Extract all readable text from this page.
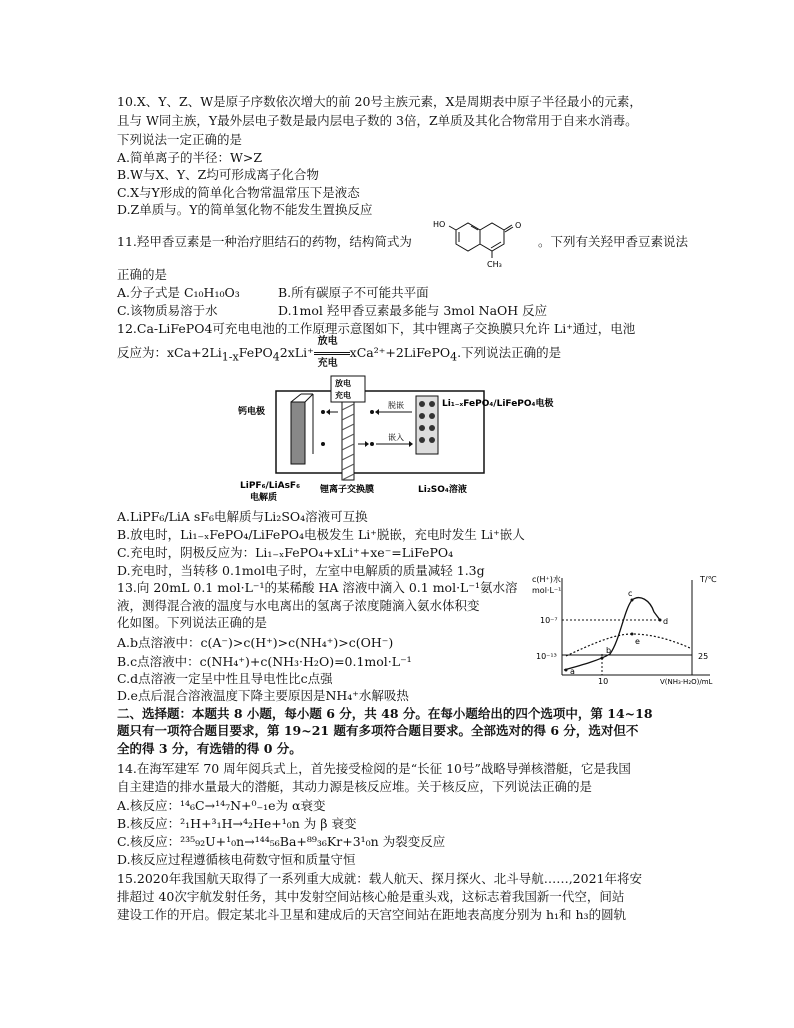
10.X、Y、Z、W是原子序数依次增大的前 20号主族元素，X是周期表中原子半径最小的元素，
且与 W同主族，Y最外层电子数是最内层电子数的 3倍，Z单质及其化合物常用于自来水消毒。
下列说法一定正确的是
A.简单离子的半径：W>Z
B.W与X、Y、Z均可形成离子化合物
C.X与Y形成的简单化合物常温常压下是液态
D.Z单质与。Y的简单氢化物不能发生置换反应
11.羟甲香豆素是一种治疗胆结石的药物，结构简式为
HO	O
CH₃
。下列有关羟甲香豆素说法
正确的是
A.分子式是 C₁₀H₁₀O₃	B.所有碳原子不可能共平面
C.该物质易溶于水	D.1mol 羟甲香豆素最多能与 3mol NaOH 反应
12.Ca-LiFePO4可充电电池的工作原理示意图如下，其中锂离子交换膜只允许 Li⁺通过，电池
反应为：$xCa+2Li_{1-x}FePO_42xLi^+$
放电
充电
xCa²⁺+2LiFePO$_4$.下列说法正确的是
放电
充电
脱嵌
嵌入
钙电极
Li₁₋ₓFePO₄/LiFePO₄电极
LiPF₆/LiAsF₆
电解质
锂离子交换膜	Li₂SO₄溶液
A.LiPF₆/LiA sF₆电解质与Li₂SO₄溶液可互换
B.放电时，Li₁₋ₓFePO₄/LiFePO₄电极发生 Li⁺脱嵌，充电时发生 Li⁺嵌人
C.充电时，阴极反应为：Li₁₋ₓFePO₄+xLi⁺+xe⁻=LiFePO₄
D.充电时，当转移 0.1mol电子时，左室中电解质的质量减轻 1.3g
13.向 20mL 0.1 mol·L⁻¹的某稀酸 HA 溶液中滴入 0.1 mol·L⁻¹氨水溶
液，测得混合液的温度与水电离出的氢离子浓度随滴入氨水体积变
化如图。下列说法正确的是
A.b点溶液中：c(A⁻)>c(H⁺)>c(NH₄⁺)>c(OH⁻)
B.c点溶液中：c(NH₄⁺)+c(NH₃·H₂O)=0.1mol·L⁻¹
C.d点溶液一定呈中性且导电性比c点强
D.e点后混合溶液温度下降主要原因是NH₄⁺水解吸热
c(H⁺)水
mol·L⁻¹
T/℃
10⁻⁷
10⁻¹³	25
a
b
c
d
e
10	V(NH₃·H₂O)/mL
二、选择题：本题共 8 小题，每小题 6 分，共 48 分。在每小题给出的四个选项中，第 14~18
题只有一项符合题目要求，第 19~21 题有多项符合题目要求。全部选对的得 6 分，选对但不
全的得 3 分，有选错的得 0 分。
14.在海军建军 70 周年阅兵式上，首先接受检阅的是“长征 10号”战略导弹核潜艇，它是我国
自主建造的排水量最大的潜艇，其动力源是核反应堆。关于核反应，下列说法正确的是
A.核反应：¹⁴₆C→¹⁴₇N+⁰₋₁e为 α衰变
B.核反应：²₁H+³₁H→⁴₂He+¹₀n 为 β 衰变
C.核反应：²³⁵₉₂U+¹₀n→¹⁴⁴₅₆Ba+⁸⁹₃₆Kr+3¹₀n 为裂变反应
D.核反应过程遵循核电荷数守恒和质量守恒
15.2020年我国航天取得了一系列重大成就：载人航天、探月探火、北斗导航……,2021年将安
排超过 40次宇航发射任务，其中发射空间站核心舱是重头戏，这标志着我国新一代空，间站
建设工作的开启。假定某北斗卫星和建成后的天宫空间站在距地表高度分别为 h₁和 h₃的圆轨
